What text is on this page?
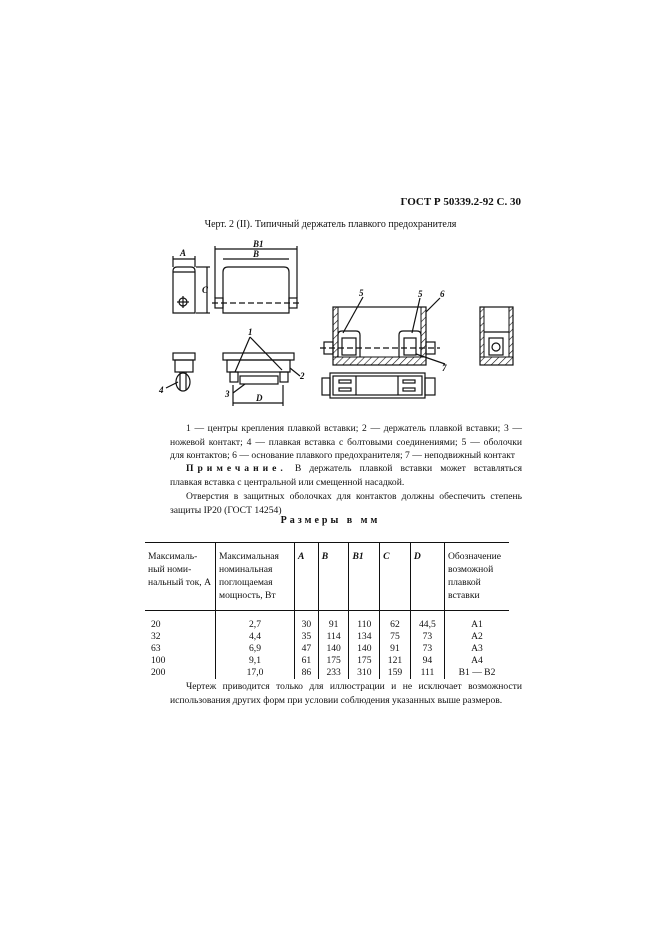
ГОСТ Р 50339.2-92 С. 30
Черт. 2 (II). Типичный держатель плавкого предохранителя
A
C
B1
B
4
1
2
3	D
5	5 6
7
1 — центры крепления плавкой вставки; 2 — держатель плавкой вставки; 3 — ножевой контакт; 4 — плавкая вставка с болтовыми соединениями; 5 — оболочки для контактов; 6 — основание плавкого предохранителя; 7 — неподвижный контакт
Примечание. В держатель плавкой вставки может вставляться плавкая вставка с центральной или смещенной насадкой.
Отверстия в защитных оболочках для контактов должны обеспечить степень защиты IP20 (ГОСТ 14254)
Размеры в мм
Максималь-ный номи-нальный ток, А	Максимальная номинальная поглощаемая мощность, Вт	A	B	B1	C	D	Обозначение возможной плавкой вставки
20	2,7	30	91	110	62	44,5	A1
32	4,4	35	114	134	75	73	A2
63	6,9	47	140	140	91	73	A3
100	9,1	61	175	175	121	94	A4
200	17,0	86	233	310	159	111	B1 — B2
Чертеж приводится только для иллюстрации и не исключает возможности использования других форм при условии соблюдения указанных выше размеров.
